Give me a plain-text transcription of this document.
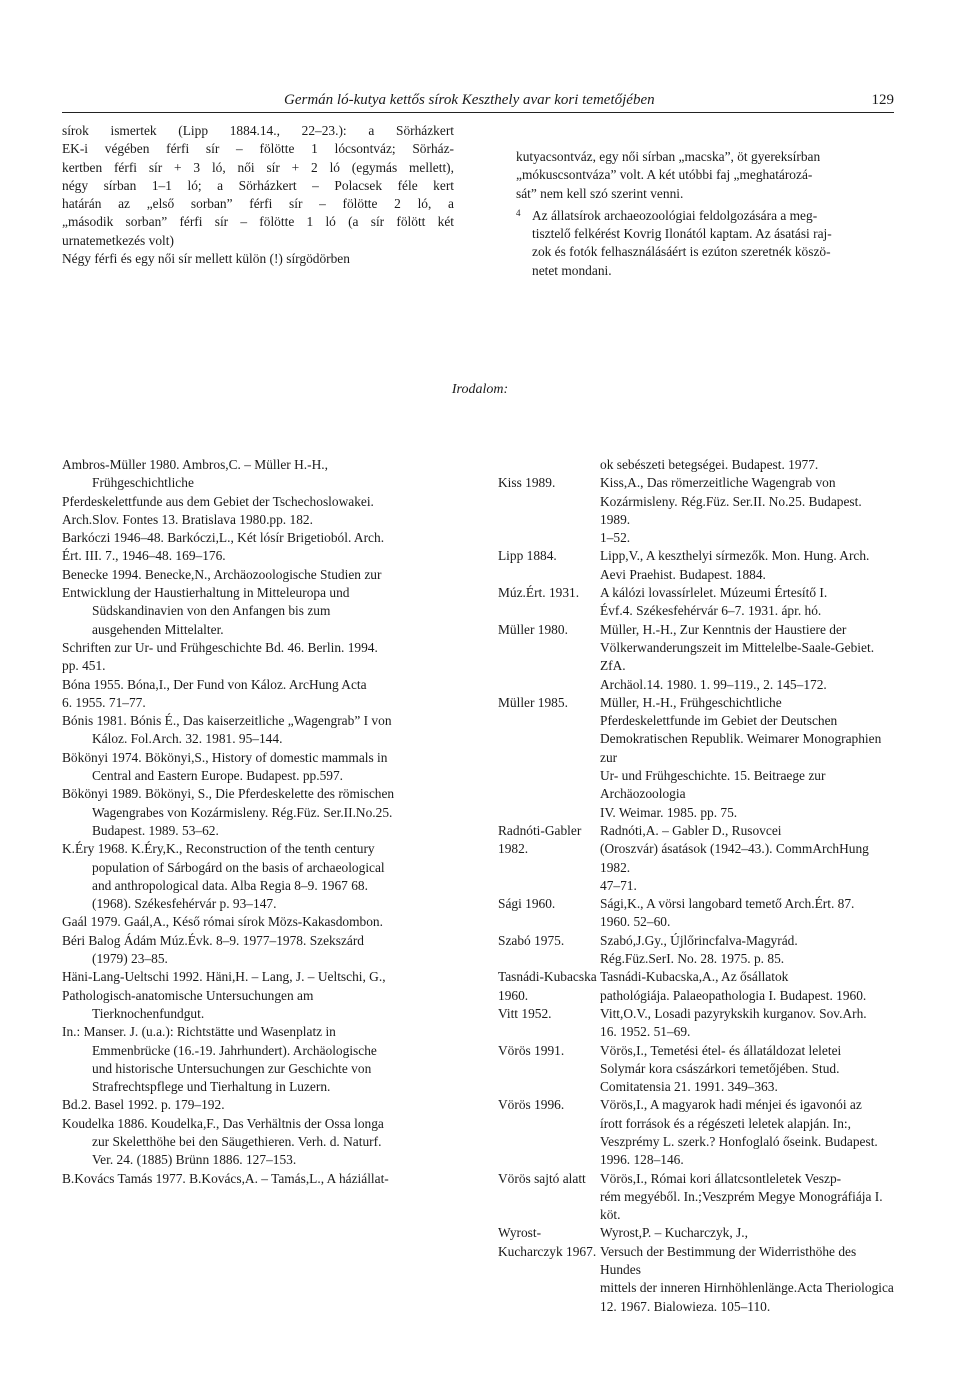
Germán ló-kutya kettős sírok Keszthely avar kori temetőjében	129
sírok ismertek (Lipp 1884.14., 22–23.): a Sörházkert
EK-i végében férfi sír – fölötte 1 lócsontváz; Sörház-
kertben férfi sír + 3 ló, női sír + 2 ló (egymás mellett),
négy sírban 1–1 ló; a Sörházkert – Polacsek féle kert
határán az „első sorban” férfi sír – fölötte 2 ló, a
„második sorban” férfi sír – fölötte 1 ló (a sír fölött két
urnatemetkezés volt)
Négy férfi és egy női sír mellett külön (!) sírgödörben
kutyacsontváz, egy női sírban „macska”, öt gyereksírban
„mókuscsontváza” volt. A két utóbbi faj „meghatározá-
sát” nem kell szó szerint venni.
4 Az állatsírok archaeozoológiai feldolgozására a meg-
tisztelő felkérést Kovrig Ilonától kaptam. Az ásatási raj-
zok és fotók felhasználásáért is ezúton szeretnék köszö-
netet mondani.
Irodalom:
Ambros-Müller 1980. Ambros,C. – Müller H.-H.,
Frühgeschichtliche
Pferdeskelettfunde aus dem Gebiet der Tschechoslowakei.
Arch.Slov. Fontes 13. Bratislava 1980.pp. 182.
Barkóczi 1946–48. Barkóczi,L., Két lósír Brigetioból. Arch.
Ért. III. 7., 1946–48. 169–176.
Benecke 1994. Benecke,N., Archäozoologische Studien zur
Entwicklung der Haustierhaltung in Mitteleuropa und
Südskandinavien von den Anfangen bis zum
ausgehenden Mittelalter.
Schriften zur Ur- und Frühgeschichte Bd. 46. Berlin. 1994.
pp. 451.
Bóna 1955. Bóna,I., Der Fund von Káloz. ArcHung Acta
6. 1955. 71–77.
Bónis 1981. Bónis É., Das kaiserzeitliche „Wagengrab” I von
Káloz. Fol.Arch. 32. 1981. 95–144.
Bökönyi 1974. Bökönyi,S., History of domestic mammals in
Central and Eastern Europe. Budapest. pp.597.
Bökönyi 1989. Bökönyi, S., Die Pferdeskelette des römischen
Wagengrabes von Kozármisleny. Rég.Füz. Ser.II.No.25.
Budapest. 1989. 53–62.
K.Éry 1968. K.Éry,K., Reconstruction of the tenth century
population of Sárbogárd on the basis of archaeological
and anthropological data. Alba Regia 8–9. 1967 68.
(1968). Székesfehérvár p. 93–147.
Gaál 1979. Gaál,A., Késő római sírok Mözs-Kakasdombon.
Béri Balog Ádám Múz.Évk. 8–9. 1977–1978. Szekszárd
(1979) 23–85.
Häni-Lang-Ueltschi 1992. Häni,H. – Lang, J. – Ueltschi, G.,
Pathologisch-anatomische Untersuchungen am
Tierknochenfundgut.
In.: Manser. J. (u.a.): Richtstätte und Wasenplatz in
Emmenbrücke (16.-19. Jahrhundert). Archäologische
und historische Untersuchungen zur Geschichte von
Strafrechtspflege und Tierhaltung in Luzern.
Bd.2. Basel 1992. p. 179–192.
Koudelka 1886. Koudelka,F., Das Verhältnis der Ossa longa
zur Skeletthöhe bei den Säugethieren. Verh. d. Naturf.
Ver. 24. (1885) Brünn 1886. 127–153.
B.Kovács Tamás 1977. B.Kovács,A. – Tamás,L., A háziállat-
ok sebészeti betegségei. Budapest. 1977.
Kiss 1989.	Kiss,A., Das römerzeitliche Wagengrab von
Kozármisleny. Rég.Füz. Ser.II. No.25. Budapest. 1989.
1–52.
Lipp 1884.	Lipp,V., A keszthelyi sírmezők. Mon. Hung. Arch.
Aevi Praehist. Budapest. 1884.
Múz.Ért. 1931.	A kálózi lovassírlelet. Múzeumi Értesítő I.
Évf.4. Székesfehérvár 6–7. 1931. ápr. hó.
Müller 1980.	Müller, H.-H., Zur Kenntnis der Haustiere der
Völkerwanderungszeit im Mittelelbe-Saale-Gebiet. ZfA.
Archäol.14. 1980. 1. 99–119., 2. 145–172.
Müller 1985.	Müller, H.-H., Frühgeschichtliche
Pferdeskelettfunde im Gebiet der Deutschen
Demokratischen Republik. Weimarer Monographien zur
Ur- und Frühgeschichte. 15. Beitraege zur Archäozoologia
IV. Weimar. 1985. pp. 75.
Radnóti-Gabler 1982.
Radnóti,A. – Gabler D., Rusovcei
(Oroszvár) ásatások (1942–43.). CommArchHung 1982.
47–71.
Sági 1960.	Sági,K., A vörsi langobard temető Arch.Ért. 87.
1960. 52–60.
Szabó 1975.	Szabó,J.Gy., Újlőrincfalva-Magyrád.
Rég.Füz.SerI. No. 28. 1975. p. 85.
Tasnádi-Kubacska 1960.
Tasnádi-Kubacska,A., Az ősállatok
pathológiája. Palaeopathologia I. Budapest. 1960.
Vitt 1952.	Vitt,O.V., Losadi pazyrykskih kurganov. Sov.Arh.
16. 1952. 51–69.
Vörös 1991.	Vörös,I., Temetési étel- és állatáldozat leletei
Solymár kora császárkori temetőjében. Stud.
Comitatensia 21. 1991. 349–363.
Vörös 1996.	Vörös,I., A magyarok hadi ménjei és igavonói az
írott források és a régészeti leletek alapján. In:,
Veszprémy L. szerk.? Honfoglaló őseink. Budapest.
1996. 128–146.
Vörös sajtó alatt	Vörös,I., Római kori állatcsontleletek Veszp-
rém megyéből. In.;Veszprém Megye Monográfiája I. köt.
Wyrost-Kucharczyk 1967.
Wyrost,P. – Kucharczyk, J.,
Versuch der Bestimmung der Widerristhöhe des Hundes
mittels der inneren Hirnhöhlenlänge.Acta Theriologica
12. 1967. Bialowieza. 105–110.
